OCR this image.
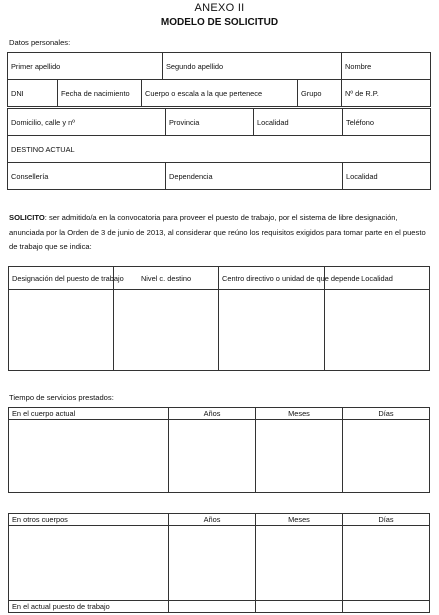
ANEXO II
MODELO DE SOLICITUD
Datos personales:
Primer apellido			Segundo apellido		Nombre
DNI	Fecha de nacimiento	Cuerpo o escala a la que pertenece		Grupo	Nº de R.P.
Domicilio, calle y nº	Provincia	Localidad	Teléfono
DESTINO ACTUAL
Consellería	Dependencia	Localidad
SOLICITO: ser admitido/a en la convocatoria para proveer el puesto de trabajo, por el sistema de libre designación, anunciada por la Orden de 3 de junio de 2013, al considerar que reúno los requisitos exigidos para tomar parte en el puesto de trabajo que se indica:
Designación del puesto de trabajo	Nivel c. destino	Centro directivo o unidad de que depende	Localidad

Tiempo de servicios prestados:
En el cuerpo actual	Años	Meses	Días

En otros cuerpos	Años	Meses	Días

En el actual puesto de trabajo			
